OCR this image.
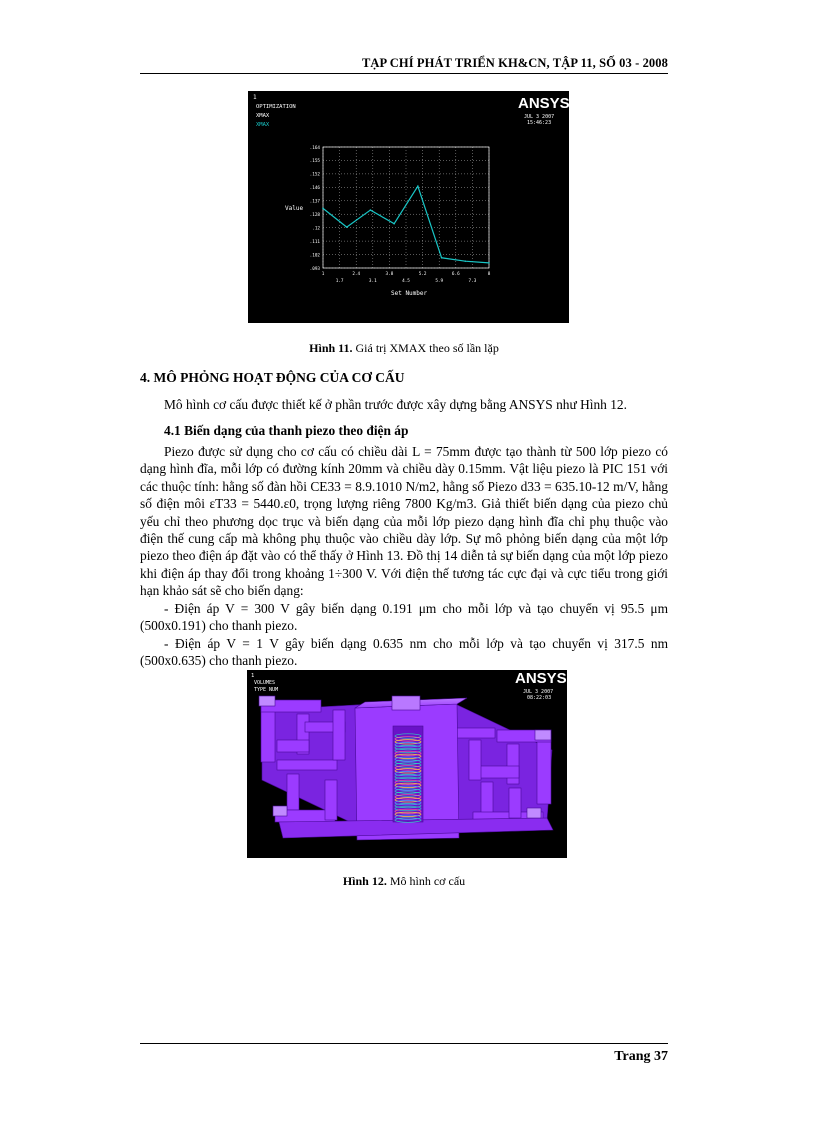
TẠP CHÍ PHÁT TRIỂN KH&CN, TẬP 11, SỐ 03 - 2008
1
OPTIMIZATION
XMAX
XMAX
ANSYS
JUL 3 2007
15:46:23
Value
Set Number
.164
.155
.152
.146
.137
.128
.12
.111
.102
.093
1	2.4	3.8	5.2	6.6	8
1.7	3.1	4.5	5.9	7.3
Hình 11. Giá trị XMAX theo số lần lặp
4. MÔ PHỎNG HOẠT ĐỘNG CỦA CƠ CẤU
Mô hình cơ cấu được thiết kế ở phần trước được xây dựng bằng ANSYS như Hình 12.
4.1 Biến dạng của thanh piezo theo điện áp
Piezo được sử dụng cho cơ cấu có chiều dài L = 75mm được tạo thành từ 500 lớp piezo có dạng hình đĩa, mỗi lớp có đường kính 20mm và chiều dày 0.15mm. Vật liệu piezo là PIC 151 với các thuộc tính: hằng số đàn hồi CE33 = 8.9.1010 N/m2, hằng số Piezo d33 = 635.10-12 m/V, hằng số điện môi εT33 = 5440.ε0, trọng lượng riêng 7800 Kg/m3. Giả thiết biến dạng của piezo chủ yếu chỉ theo phương dọc trục và biến dạng của mỗi lớp piezo dạng hình đĩa chỉ phụ thuộc vào điện thế cung cấp mà không phụ thuộc vào chiều dày lớp. Sự mô phỏng biến dạng của một lớp piezo theo điện áp đặt vào có thể thấy ở Hình 13. Đồ thị 14 diễn tả sự biến dạng của một lớp piezo khi điện áp thay đổi trong khoảng 1÷300 V. Với điện thế tương tác cực đại và cực tiểu trong giới hạn khảo sát sẽ cho biến dạng:
- Điện áp V = 300 V gây biến dạng 0.191 μm cho mỗi lớp và tạo chuyển vị 95.5 μm (500x0.191) cho thanh piezo.
- Điện áp V = 1 V gây biến dạng 0.635 nm cho mỗi lớp và tạo chuyển vị 317.5 nm (500x0.635) cho thanh piezo.
1
VOLUMES
TYPE NUM
ANSYS
JUL 3 2007
08:22:03
Hình 12. Mô hình cơ cấu
Trang 37
